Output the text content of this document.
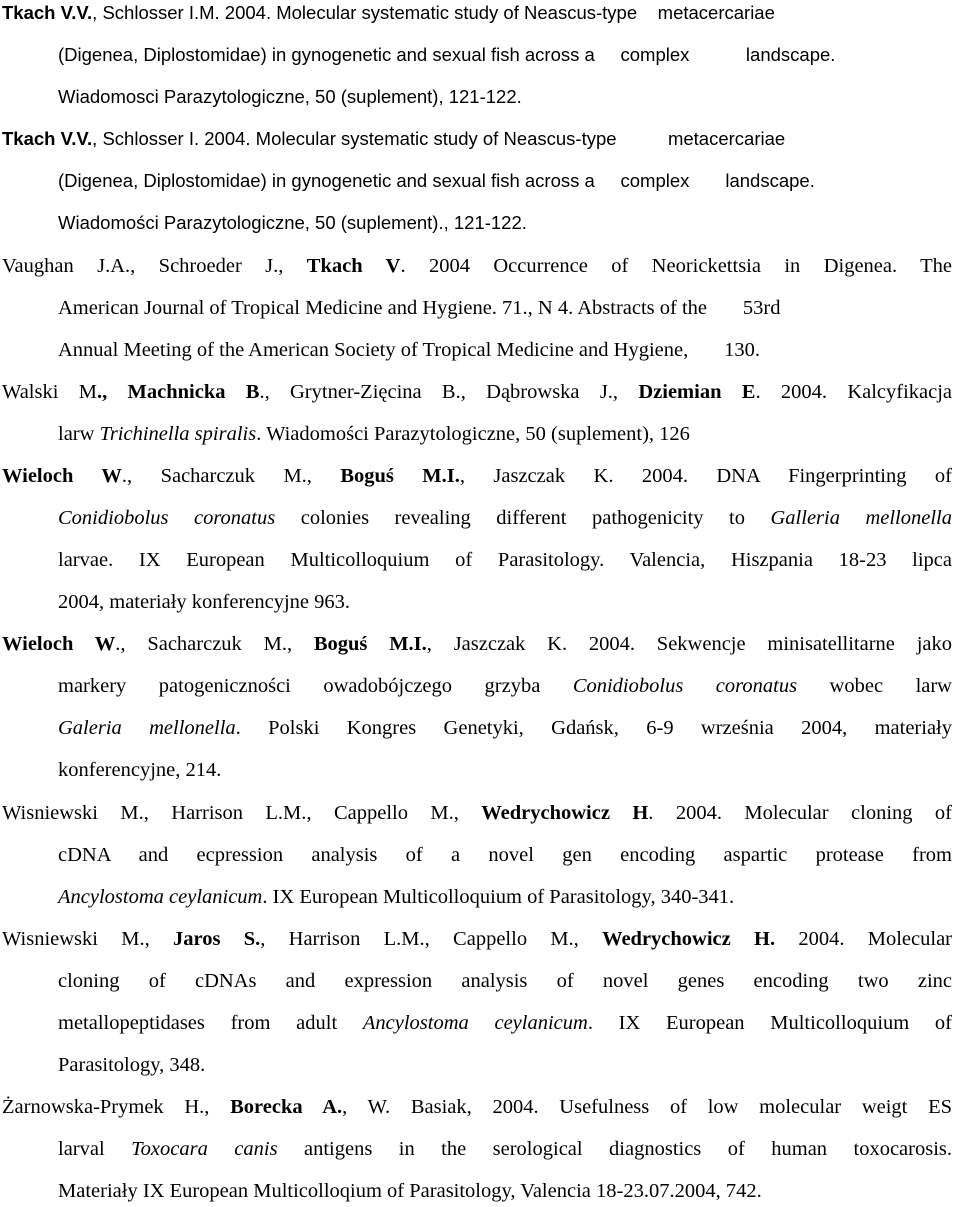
Tkach V.V., Schlosser I.M. 2004. Molecular systematic study of Neascus-type    metacercariae
(Digenea, Diplostomidae) in gynogenetic and sexual fish across a     complex           landscape.
Wiadomosci Parazytologiczne, 50 (suplement), 121-122.
Tkach V.V., Schlosser I. 2004. Molecular systematic study of Neascus-type          metacercariae
(Digenea, Diplostomidae) in gynogenetic and sexual fish across a     complex       landscape.
Wiadomości Parazytologiczne, 50 (suplement)., 121-122.
Vaughan J.A., Schroeder J., Tkach V. 2004 Occurrence of Neorickettsia in Digenea. The
American Journal of Tropical Medicine and Hygiene. 71., N 4. Abstracts of the       53rd
Annual Meeting of the American Society of Tropical Medicine and Hygiene,       130.
Walski M., Machnicka B., Grytner-Zięcina B., Dąbrowska J., Dziemian E. 2004. Kalcyfikacja
larw Trichinella spiralis. Wiadomości Parazytologiczne, 50 (suplement), 126
Wieloch W., Sacharczuk M., Boguś M.I., Jaszczak K. 2004. DNA Fingerprinting of
Conidiobolus coronatus colonies revealing different pathogenicity to Galleria mellonella
larvae. IX European Multicolloquium of Parasitology. Valencia, Hiszpania 18-23 lipca
2004, materiały konferencyjne 963.
Wieloch W., Sacharczuk M., Boguś M.I., Jaszczak K. 2004. Sekwencje minisatellitarne jako
markery patogeniczności owadobójczego grzyba Conidiobolus coronatus wobec larw
Galeria mellonella. Polski Kongres Genetyki, Gdańsk, 6-9 września 2004, materiały
konferencyjne, 214.
Wisniewski M., Harrison L.M., Cappello M., Wedrychowicz H. 2004. Molecular cloning of
cDNA and ecpression analysis of a novel gen encoding aspartic protease from
Ancylostoma ceylanicum. IX European Multicolloquium of Parasitology, 340-341.
Wisniewski M., Jaros S., Harrison L.M., Cappello M., Wedrychowicz H. 2004. Molecular
cloning of cDNAs and expression analysis of novel genes encoding two zinc
metallopeptidases from adult Ancylostoma ceylanicum. IX European Multicolloquium of
Parasitology, 348.
Żarnowska-Prymek H., Borecka A., W. Basiak, 2004. Usefulness of low molecular weigt ES
larval Toxocara canis antigens in the serological diagnostics of human toxocarosis.
Materiały IX European Multicolloqium of Parasitology, Valencia 18-23.07.2004, 742.
